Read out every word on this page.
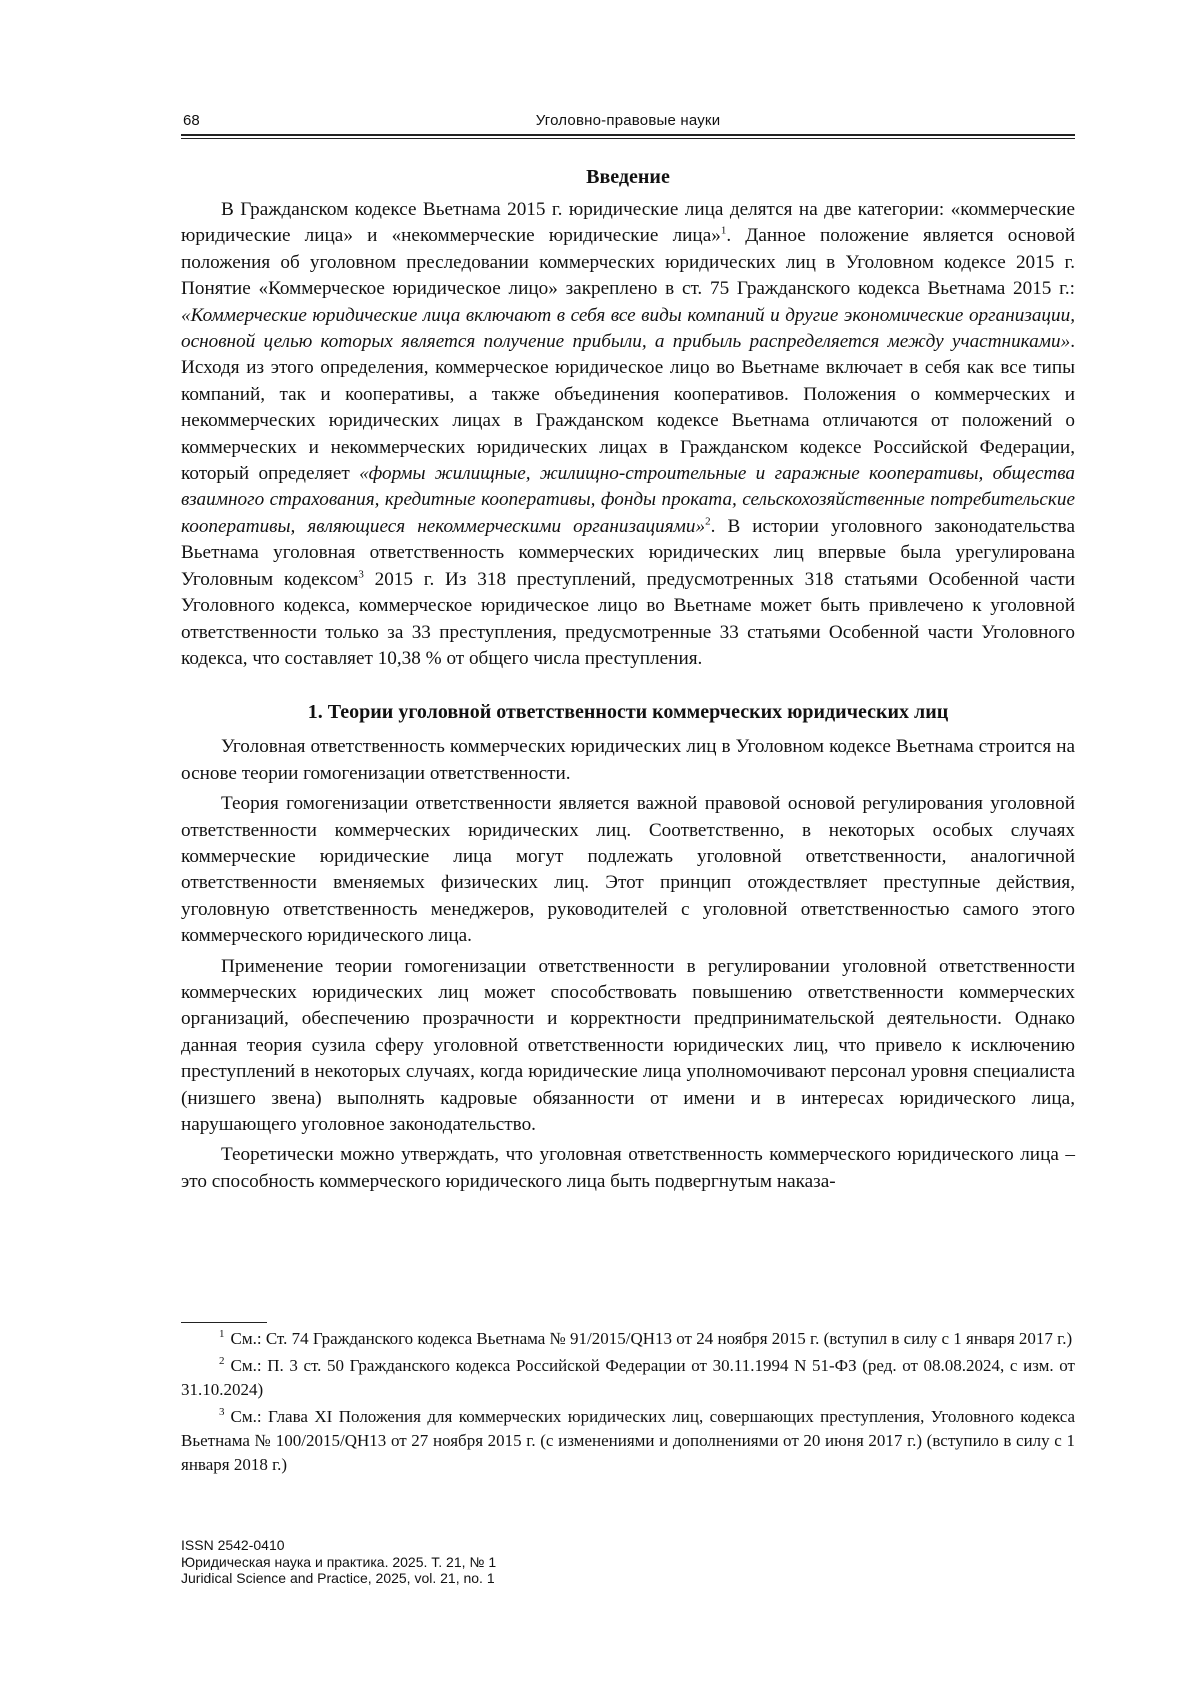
68	Уголовно-правовые науки
Введение

В Гражданском кодексе Вьетнама 2015 г. юридические лица делятся на две категории: «коммерческие юридические лица» и «некоммерческие юридические лица»$^1$. Данное положение является основой положения об уголовном преследовании коммерческих юридических лиц в Уголовном кодексе 2015 г. Понятие «Коммерческое юридическое лицо» закреплено в ст. 75 Гражданского кодекса Вьетнама 2015 г.: «Коммерческие юридические лица включают в себя все виды компаний и другие экономические организации, основной целью которых является получение прибыли, а прибыль распределяется между участниками». Исходя из этого определения, коммерческое юридическое лицо во Вьетнаме включает в себя как все типы компаний, так и кооперативы, а также объединения кооперативов. Положения о коммерческих и некоммерческих юридических лицах в Гражданском кодексе Вьетнама отличаются от положений о коммерческих и некоммерческих юридических лицах в Гражданском кодексе Российской Федерации, который определяет «формы жилищные, жилищно-строительные и гаражные кооперативы, общества взаимного страхования, кредитные кооперативы, фонды проката, сельскохозяйственные потребительские кооперативы, являющиеся некоммерческими организациями»$^2$. В истории уголовного законодательства Вьетнама уголовная ответственность коммерческих юридических лиц впервые была урегулирована Уголовным кодексом$^3$ 2015 г. Из 318 преступлений, предусмотренных 318 статьями Особенной части Уголовного кодекса, коммерческое юридическое лицо во Вьетнаме может быть привлечено к уголовной ответственности только за 33 преступления, предусмотренные 33 статьями Особенной части Уголовного кодекса, что составляет 10,38 % от общего числа преступления.

1. Теории уголовной ответственности коммерческих юридических лиц

Уголовная ответственность коммерческих юридических лиц в Уголовном кодексе Вьетнама строится на основе теории гомогенизации ответственности.

Теория гомогенизации ответственности является важной правовой основой регулирования уголовной ответственности коммерческих юридических лиц. Соответственно, в некоторых особых случаях коммерческие юридические лица могут подлежать уголовной ответственности, аналогичной ответственности вменяемых физических лиц. Этот принцип отождествляет преступные действия, уголовную ответственность менеджеров, руководителей с уголовной ответственностью самого этого коммерческого юридического лица.

Применение теории гомогенизации ответственности в регулировании уголовной ответственности коммерческих юридических лиц может способствовать повышению ответственности коммерческих организаций, обеспечению прозрачности и корректности предпринимательской деятельности. Однако данная теория сузила сферу уголовной ответственности юридических лиц, что привело к исключению преступлений в некоторых случаях, когда юридические лица уполномочивают персонал уровня специалиста (низшего звена) выполнять кадровые обязанности от имени и в интересах юридического лица, нарушающего уголовное законодательство.

Теоретически можно утверждать, что уголовная ответственность коммерческого юридического лица – это способность коммерческого юридического лица быть подвергнутым наказа-

$^1$ См.: Ст. 74 Гражданского кодекса Вьетнама № 91/2015/QH13 от 24 ноября 2015 г. (вступил в силу с 1 января 2017 г.)

$^2$ См.: П. 3 ст. 50 Гражданского кодекса Российской Федерации от 30.11.1994 N 51-ФЗ (ред. от 08.08.2024, с изм. от 31.10.2024)

$^3$ См.: Глава XI Положения для коммерческих юридических лиц, совершающих преступления, Уголовного кодекса Вьетнама № 100/2015/QH13 от 27 ноября 2015 г. (с изменениями и дополнениями от 20 июня 2017 г.) (вступило в силу с 1 января 2018 г.)

ISSN 2542-0410
Юридическая наука и практика. 2025. Т. 21, № 1
Juridical Science and Practice, 2025, vol. 21, no. 1
